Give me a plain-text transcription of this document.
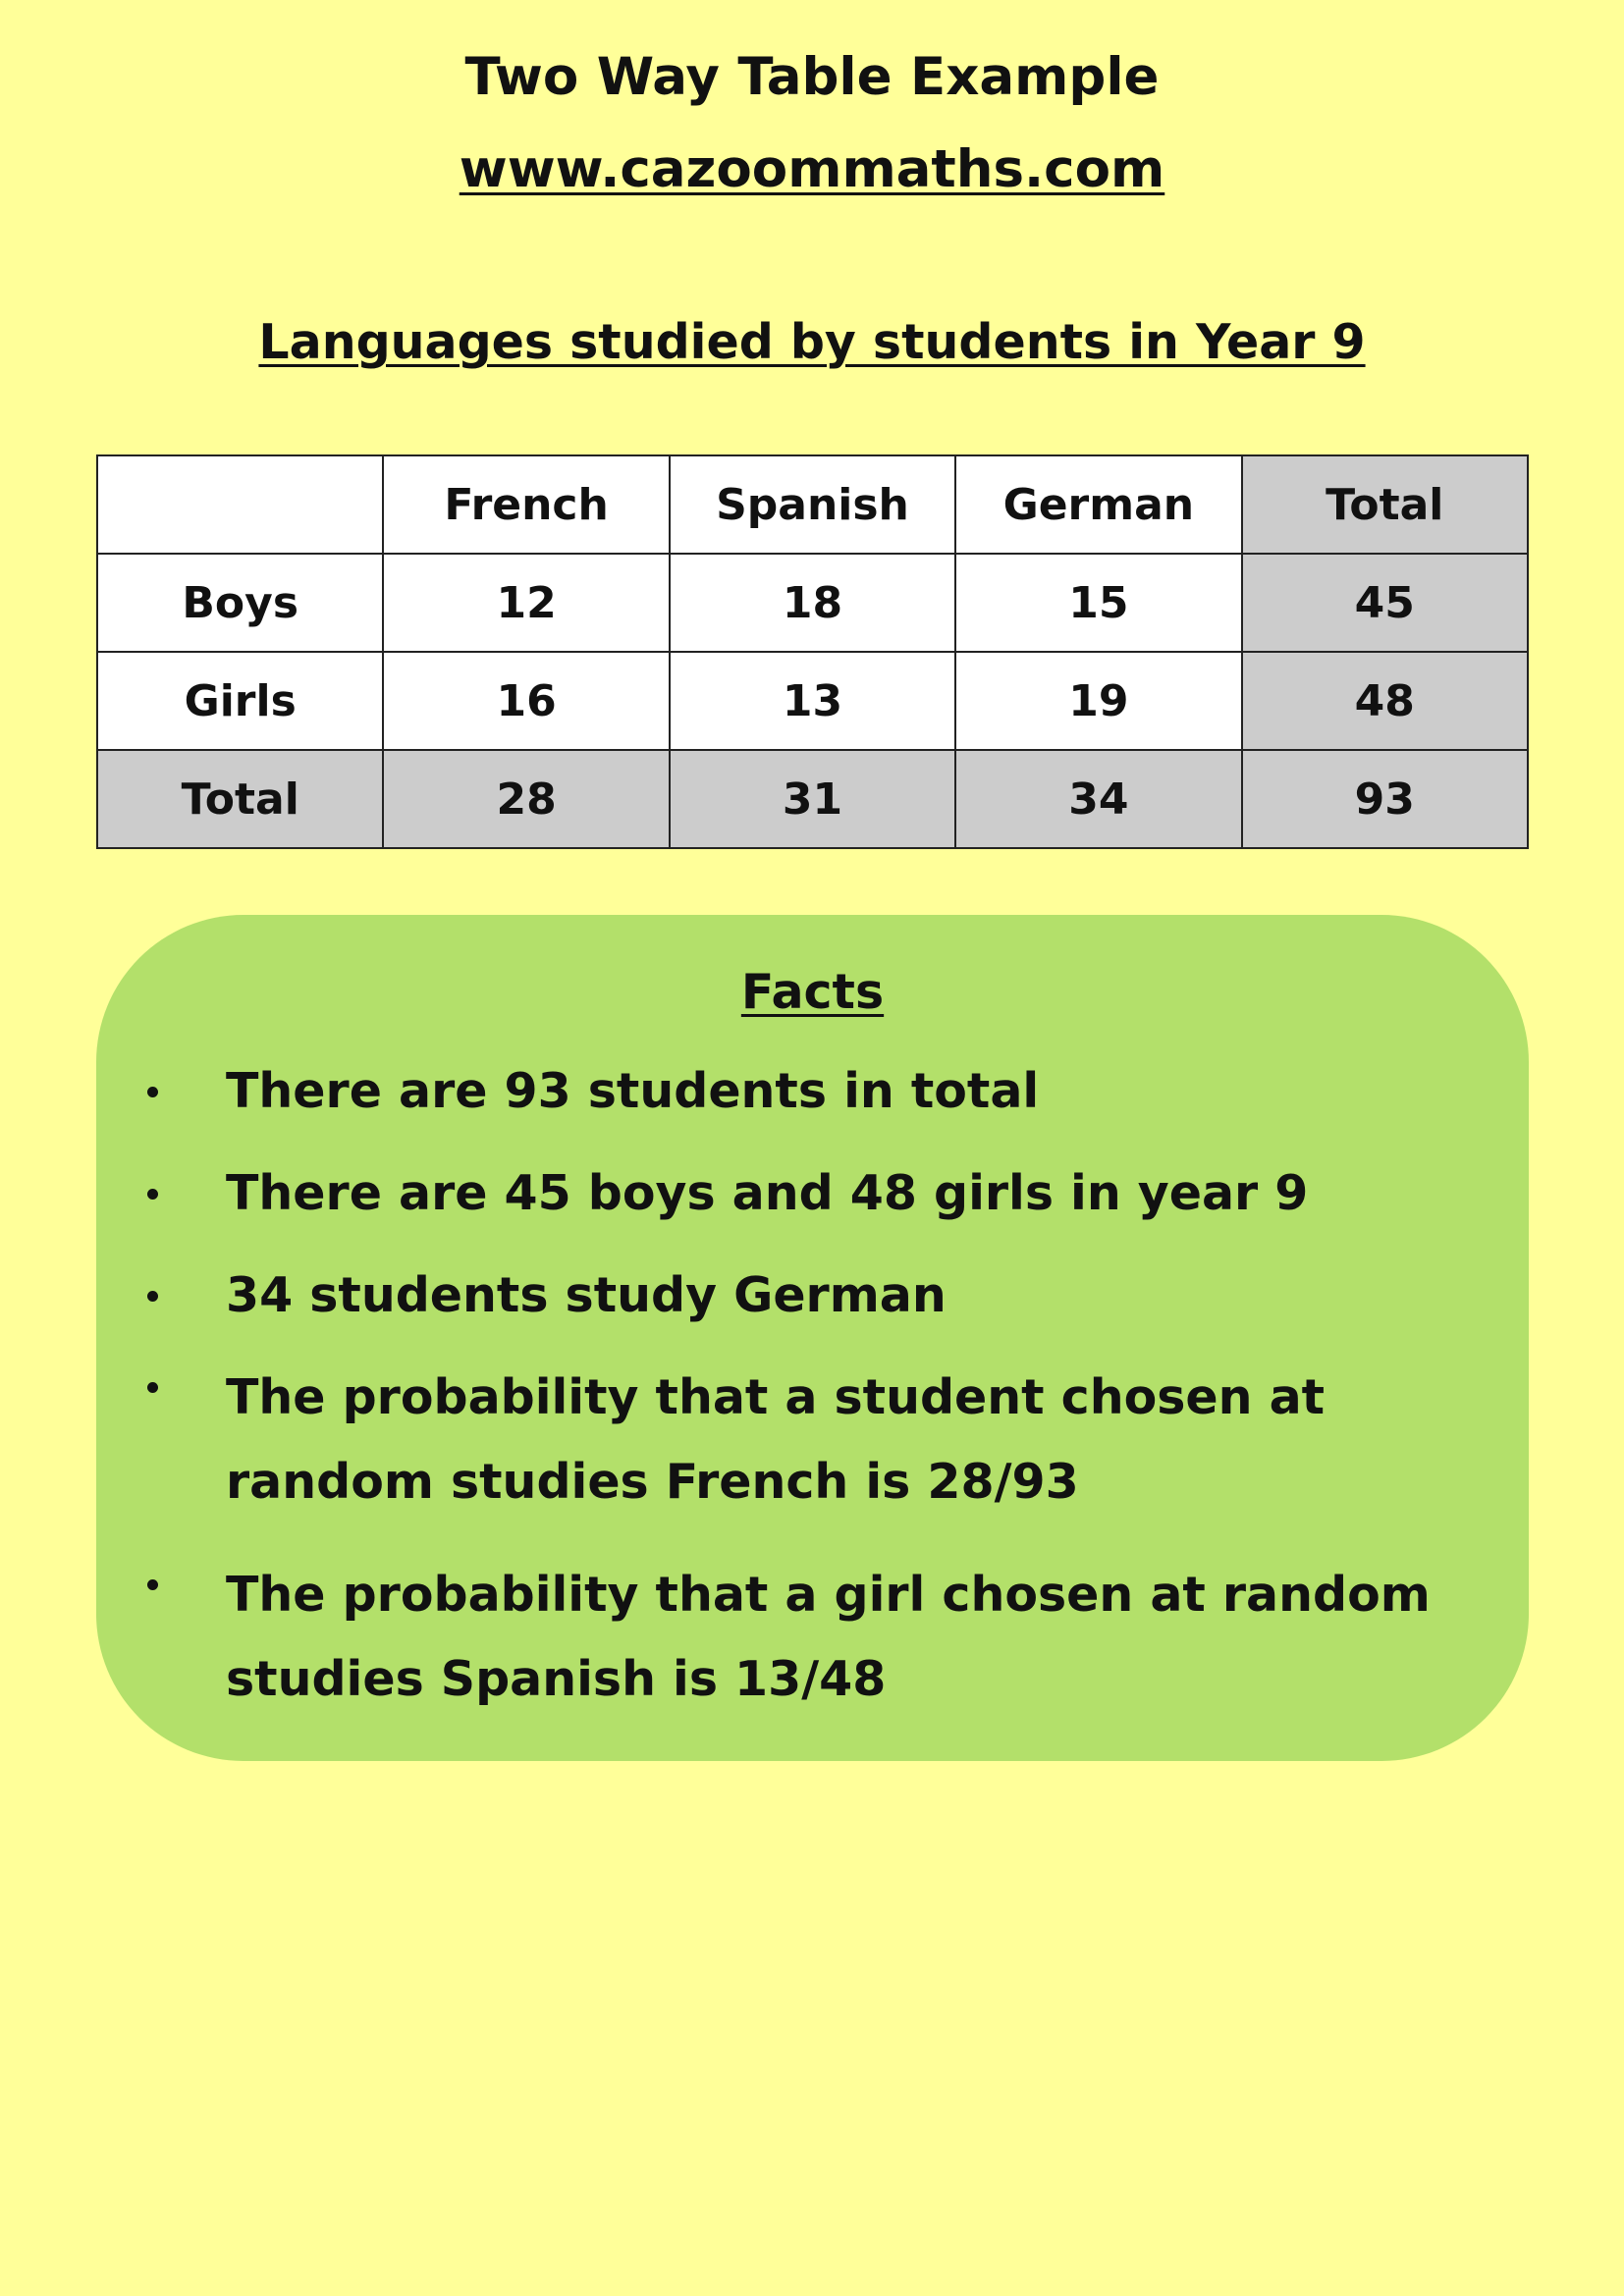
Two Way Table Example
www.cazoommaths.com
Languages studied by students in Year 9
	French	Spanish	German	Total
Boys	12	18	15	45
Girls	16	13	19	48
Total	28	31	34	93
Facts
There are 93 students in total
There are 45 boys and 48 girls in year 9
34 students study German
The probability that a student chosen at random studies French is 28/93
The probability that a girl chosen at random studies Spanish is 13/48
